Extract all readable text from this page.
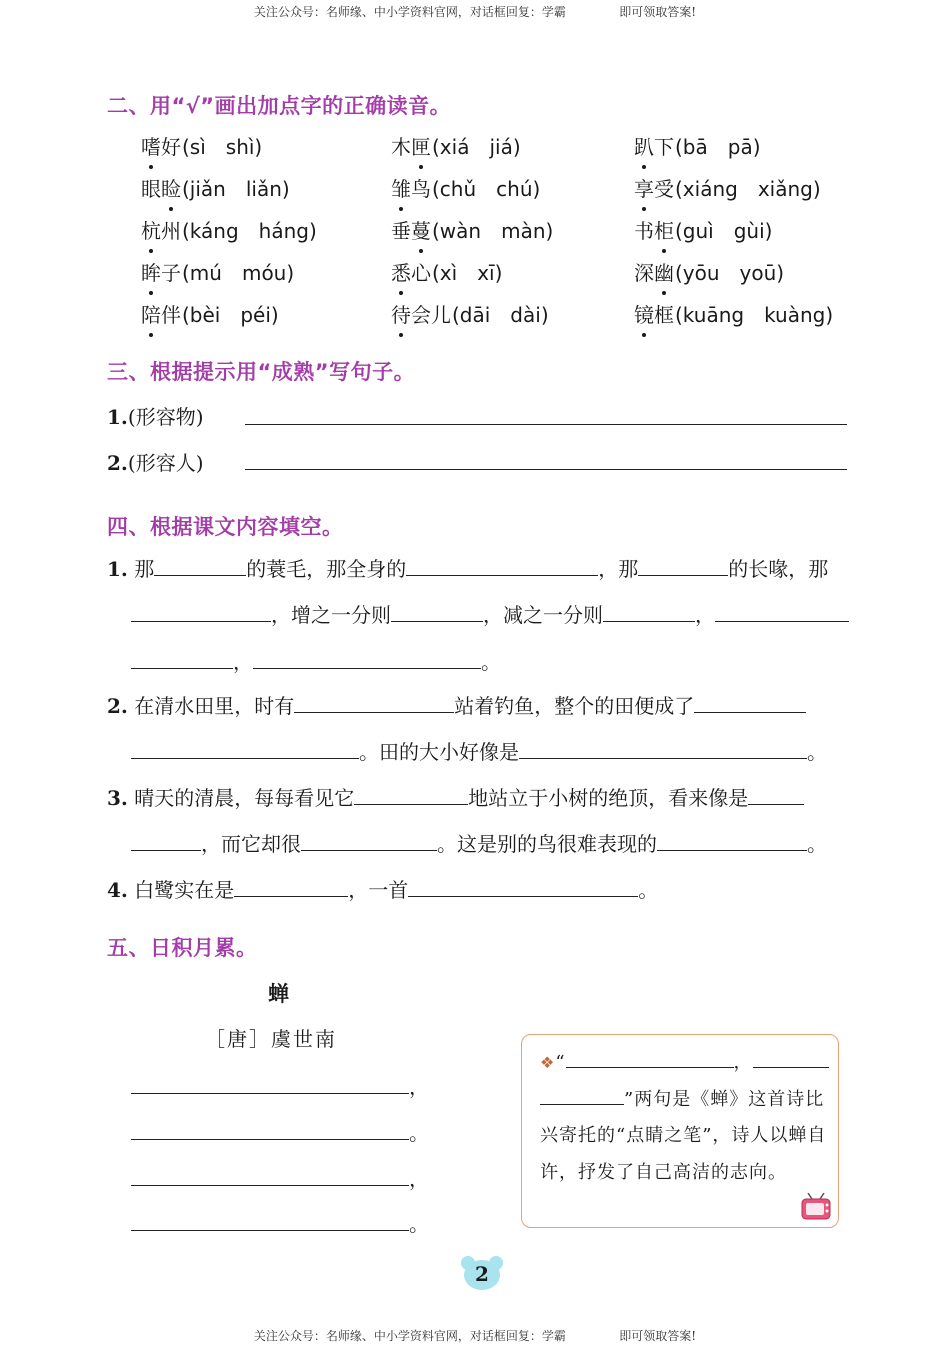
关注公众号：名师缘、中小学资料官网，对话框回复：学霸	即可领取答案!
二、用“√”画出加点字的正确读音。
嗜好(sì　shì)	木匣(xiá　jiá)	趴下(bā　pā)
眼睑(jiǎn　liǎn)	雏鸟(chǔ　chú)	享受(xiáng　xiǎng)
杭州(káng　háng)	垂蔓(wàn　màn)	书柜(guì　gùi)
眸子(mú　móu)	悉心(xì　xī)	深幽(yōu　yoū)
陪伴(bèi　péi)	待会儿(dāi　dài)	镜框(kuāng　kuàng)
三、根据提示用“成熟”写句子。
1.(形容物)
2.(形容人)
四、根据课文内容填空。
1. 那	的蓑毛，那全身的	，那	的长喙，那
，增之一分则	，减之一分则	，
，	。
2. 在清水田里，时有	站着钓鱼，整个的田便成了
。田的大小好像是	。
3. 晴天的清晨，每每看见它	地站立于小树的绝顶，看来像是
，而它却很	。这是别的鸟很难表现的	。
4. 白鹭实在是	，一首	。
五、日积月累。
蝉
［唐］虞世南
，
。
，
。
❖“	，
”两句是《蝉》这首诗比兴寄托的“点睛之笔”，诗人以蝉自许，抒发了自己高洁的志向。
2
关注公众号：名师缘、中小学资料官网，对话框回复：学霸	即可领取答案!
